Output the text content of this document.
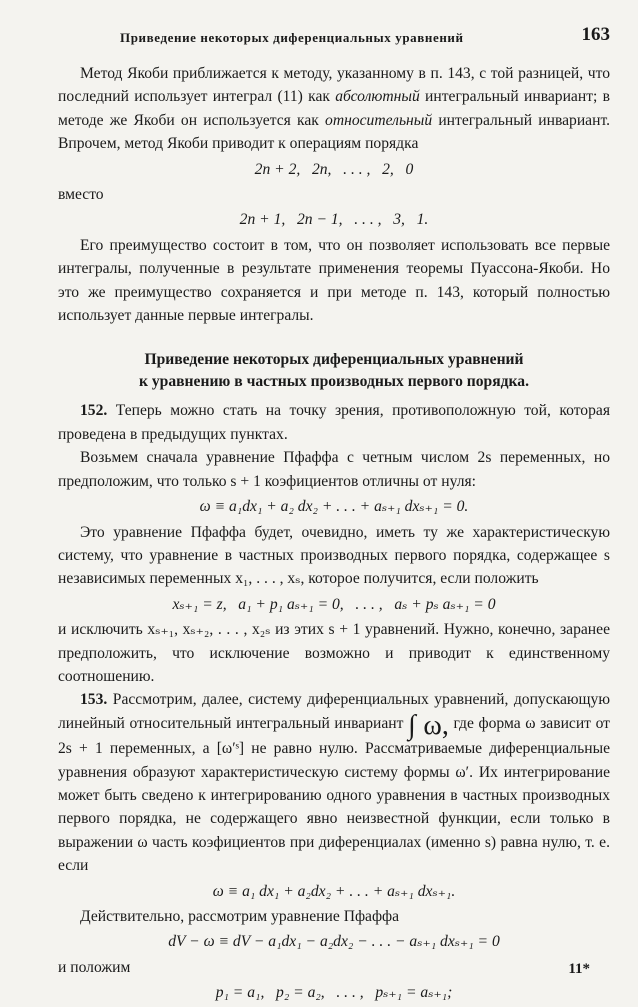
Приведение некоторых диференциальных уравнений	163

Метод Якоби приближается к методу, указанному в п. 143, с той разницей, что последний использует интеграл (11) как абсолютный интегральный инвариант; в методе же Якоби он используется как относительный интегральный инвариант. Впрочем, метод Якоби приводит к операциям порядка

2n + 2,   2n,   . . . ,   2,   0

вместо

2n + 1,   2n − 1,   . . . ,   3,   1.

Его преимущество состоит в том, что он позволяет использовать все первые интегралы, полученные в результате применения теоремы Пуассона-Якоби. Но это же преимущество сохраняется и при методе п. 143, который полностью использует данные первые интегралы.

Приведение некоторых диференциальных уравнений
к уравнению в частных производных первого порядка.

152. Теперь можно стать на точку зрения, противоположную той, которая проведена в предыдущих пунктах.

Возьмем сначала уравнение Пфаффа с четным числом 2s переменных, но предположим, что только s + 1 коэфициентов отличны от нуля:

ω ≡ a₁dx₁ + a₂ dx₂ + . . . + aₛ₊₁ dxₛ₊₁ = 0.

Это уравнение Пфаффа будет, очевидно, иметь ту же характеристическую систему, что уравнение в частных производных первого порядка, содержащее s независимых переменных x₁, . . . , xₛ, которое получится, если положить

xₛ₊₁ = z,   a₁ + p₁ aₛ₊₁ = 0,   . . . ,   aₛ + pₛ aₛ₊₁ = 0

и исключить xₛ₊₁, xₛ₊₂, . . . , x₂ₛ из этих s + 1 уравнений. Нужно, конечно, заранее предположить, что исключение возможно и приводит к единственному соотношению.

153. Рассмотрим, далее, систему диференциальных уравнений, допускающую линейный относительный интегральный инвариант ∫ ω, где форма ω зависит от 2s + 1 переменных, а [ω′ˢ] не равно нулю. Рассматриваемые диференциальные уравнения образуют характеристическую систему формы ω′. Их интегрирование может быть сведено к интегрированию одного уравнения в частных производных первого порядка, не содержащего явно неизвестной функции, если только в выражении ω часть коэфициентов при диференциалах (именно s) равна нулю, т. е. если

ω ≡ a₁ dx₁ + a₂dx₂ + . . . + aₛ₊₁ dxₛ₊₁.

Действительно, рассмотрим уравнение Пфаффа

dV − ω ≡ dV − a₁dx₁ − a₂dx₂ − . . . − aₛ₊₁ dxₛ₊₁ = 0

и положим

p₁ = a₁,   p₂ = a₂,   . . . ,   pₛ₊₁ = aₛ₊₁;
11*
